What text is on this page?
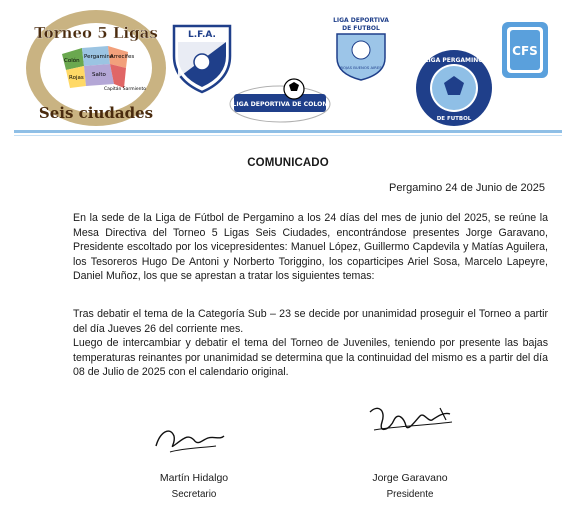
Torneo 5 Ligas
Seis ciudades
Colón
Pergamino
Arrecifes
Rojas Salto
Capitán Sarmiento
L.F.A.
LIGA DEPORTIVA DE COLON
LIGA DEPORTIVA
DE FUTBOL
ROJAS BUENOS AIRES
LIGA PERGAMINO
DE FUTBOL
CFS
COMUNICADO
Pergamino 24 de Junio de 2025
En la sede de la Liga de Fútbol de Pergamino a los 24 días del mes de junio del 2025, se reúne la Mesa Directiva del Torneo 5 Ligas Seis Ciudades, encontrándose presentes Jorge Garavano, Presidente escoltado por los vicepresidentes: Manuel López, Guillermo Capdevila y Matías Aguilera, los Tesoreros Hugo De Antoni y Norberto Toriggino, los coparticipes Ariel Sosa, Marcelo Lapeyre, Daniel Muñoz, los que se aprestan a tratar los siguientes temas:
Tras debatir el tema de la Categoría Sub – 23 se decide por unanimidad proseguir el Torneo a partir del día Jueves 26 del corriente mes.
Luego de intercambiar y debatir el tema del Torneo de Juveniles, teniendo por presente las bajas temperaturas reinantes por unanimidad se determina que la continuidad del mismo es a partir del día 08 de Julio de 2025 con el calendario original.
Martín Hidalgo
Secretario
Jorge Garavano
Presidente
